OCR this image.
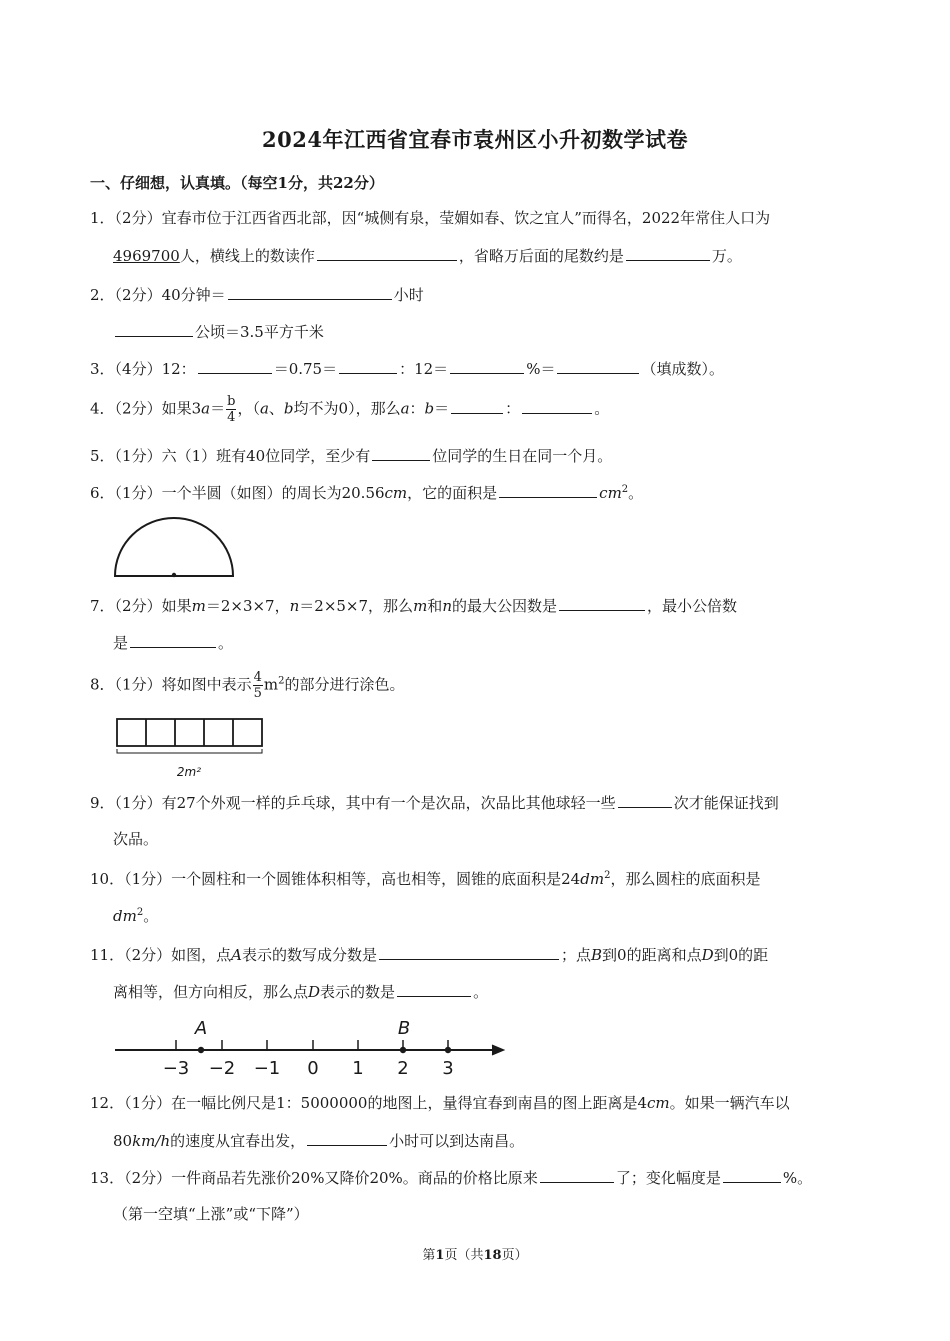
2024年江西省宜春市袁州区小升初数学试卷
一、仔细想，认真填。（每空1分，共22分）
1．（2分）宜春市位于江西省西北部，因“城侧有泉，莹媚如春、饮之宜人”而得名，2022年常住人口为
4969700人，横线上的数读作	，省略万后面的尾数约是	万。
2．（2分）40分钟＝	小时
公顷＝3.5平方千米
3．（4分）12：	＝0.75＝	：12＝	%＝	（填成数）。
4．（2分）如果$3a= \frac{b}{4}$ ，（a、b均不为0），那么a：b＝	：	。
5．（1分）六（1）班有40位同学，至少有	位同学的生日在同一个月。
6．（1分）一个半圆（如图）的周长为20.56cm，它的面积是	$cm^2$。
7．（2分）如果m＝2×3×7，n＝2×5×7，那么m和n的最大公因数是	，最小公倍数
是	。
8．（1分）将如图中表示 $\frac{4}{5} m^2$的部分进行涂色。
2m²
9．（1分）有27个外观一样的乒乓球，其中有一个是次品，次品比其他球轻一些	次才能保证找到
次品。
10．（1分）一个圆柱和一个圆锥体积相等，高也相等，圆锥的底面积是$24dm^2$，那么圆柱的底面积是
$dm^2$。
11．（2分）如图，点A表示的数写成分数是	；点B到0的距离和点D到0的距
离相等，但方向相反，那么点D表示的数是	。
A	B
−3 −2 −1 0 1 2 3
12．（1分）在一幅比例尺是1：5000000的地图上，量得宜春到南昌的图上距离是4cm。如果一辆汽车以
80km/h的速度从宜春出发，	小时可以到达南昌。
13．（2分）一件商品若先涨价20%又降价20%。商品的价格比原来	了；变化幅度是	%。
（第一空填“上涨”或“下降”）
第1页（共18页）
